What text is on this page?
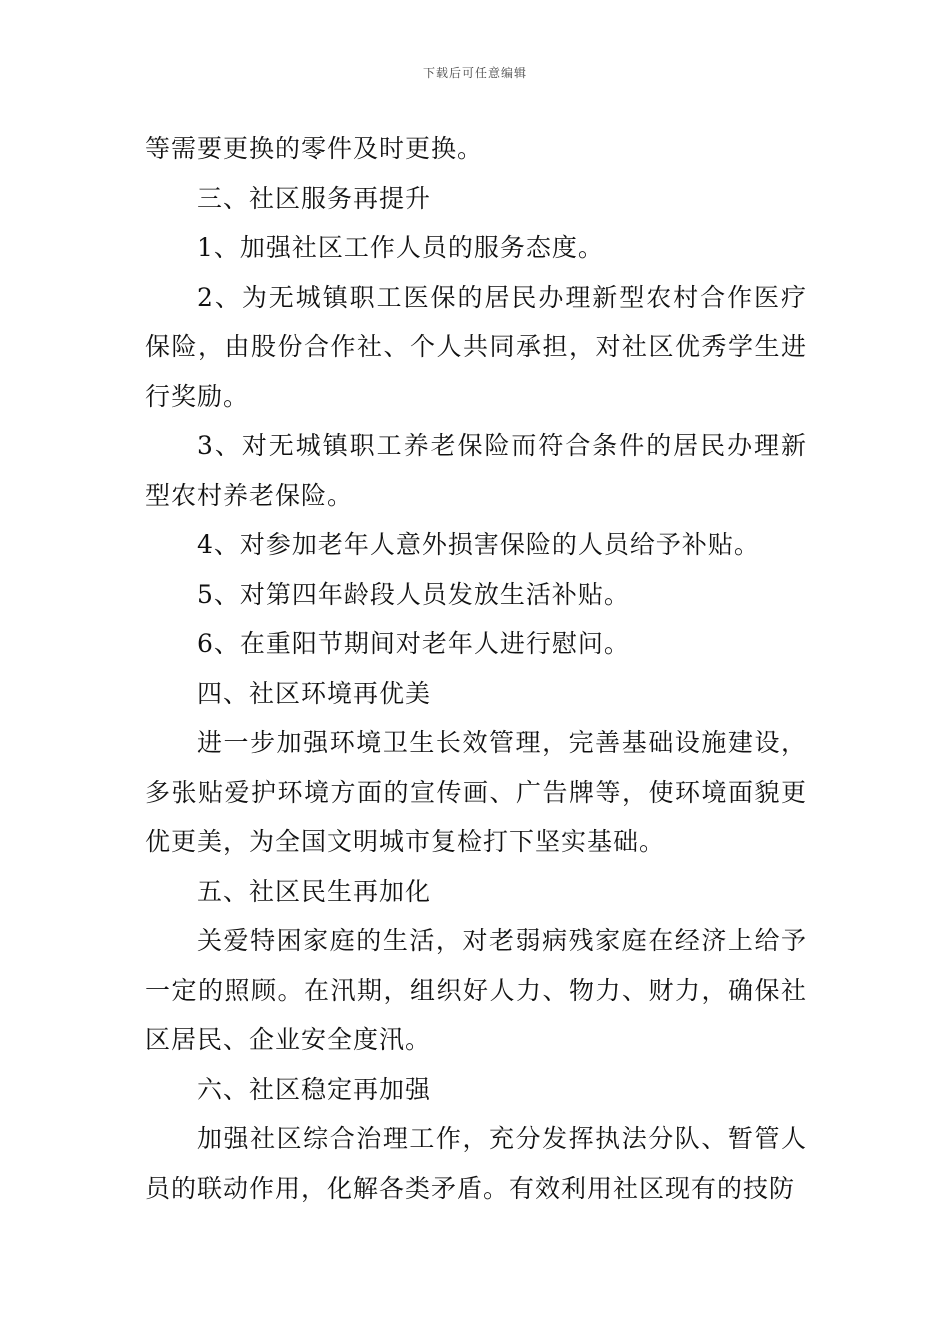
下载后可任意编辑

等需要更换的零件及时更换。

三、社区服务再提升

1、加强社区工作人员的服务态度。

2、为无城镇职工医保的居民办理新型农村合作医疗保险，由股份合作社、个人共同承担，对社区优秀学生进行奖励。

3、对无城镇职工养老保险而符合条件的居民办理新型农村养老保险。

4、对参加老年人意外损害保险的人员给予补贴。

5、对第四年龄段人员发放生活补贴。

6、在重阳节期间对老年人进行慰问。

四、社区环境再优美

进一步加强环境卫生长效管理，完善基础设施建设，多张贴爱护环境方面的宣传画、广告牌等，使环境面貌更优更美，为全国文明城市复检打下坚实基础。

五、社区民生再加化

关爱特困家庭的生活，对老弱病残家庭在经济上给予一定的照顾。在汛期，组织好人力、物力、财力，确保社区居民、企业安全度汛。

六、社区稳定再加强

加强社区综合治理工作，充分发挥执法分队、暂管人员的联动作用，化解各类矛盾。有效利用社区现有的技防
